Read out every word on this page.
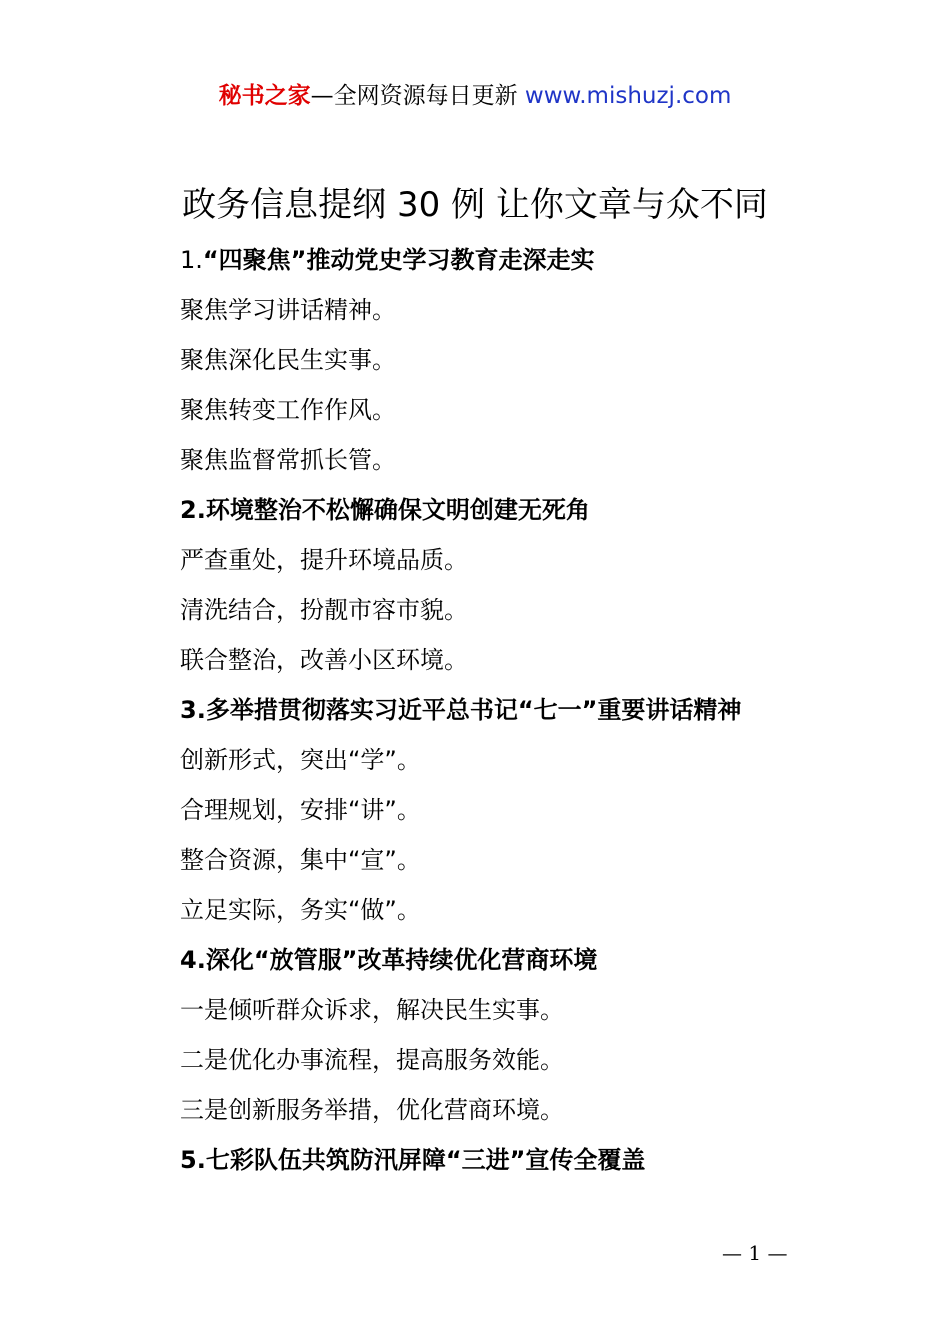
秘书之家—全网资源每日更新 www.mishuzj.com
政务信息提纲 30 例 让你文章与众不同
1.“四聚焦”推动党史学习教育走深走实
聚焦学习讲话精神。
聚焦深化民生实事。
聚焦转变工作作风。
聚焦监督常抓长管。
2.环境整治不松懈确保文明创建无死角
严查重处，提升环境品质。
清洗结合，扮靓市容市貌。
联合整治，改善小区环境。
3.多举措贯彻落实习近平总书记“七一”重要讲话精神
创新形式，突出“学”。
合理规划，安排“讲”。
整合资源，集中“宣”。
立足实际，务实“做”。
4.深化“放管服”改革持续优化营商环境
一是倾听群众诉求，解决民生实事。
二是优化办事流程，提高服务效能。
三是创新服务举措，优化营商环境。
5.七彩队伍共筑防汛屏障“三进”宣传全覆盖
— 1 —
